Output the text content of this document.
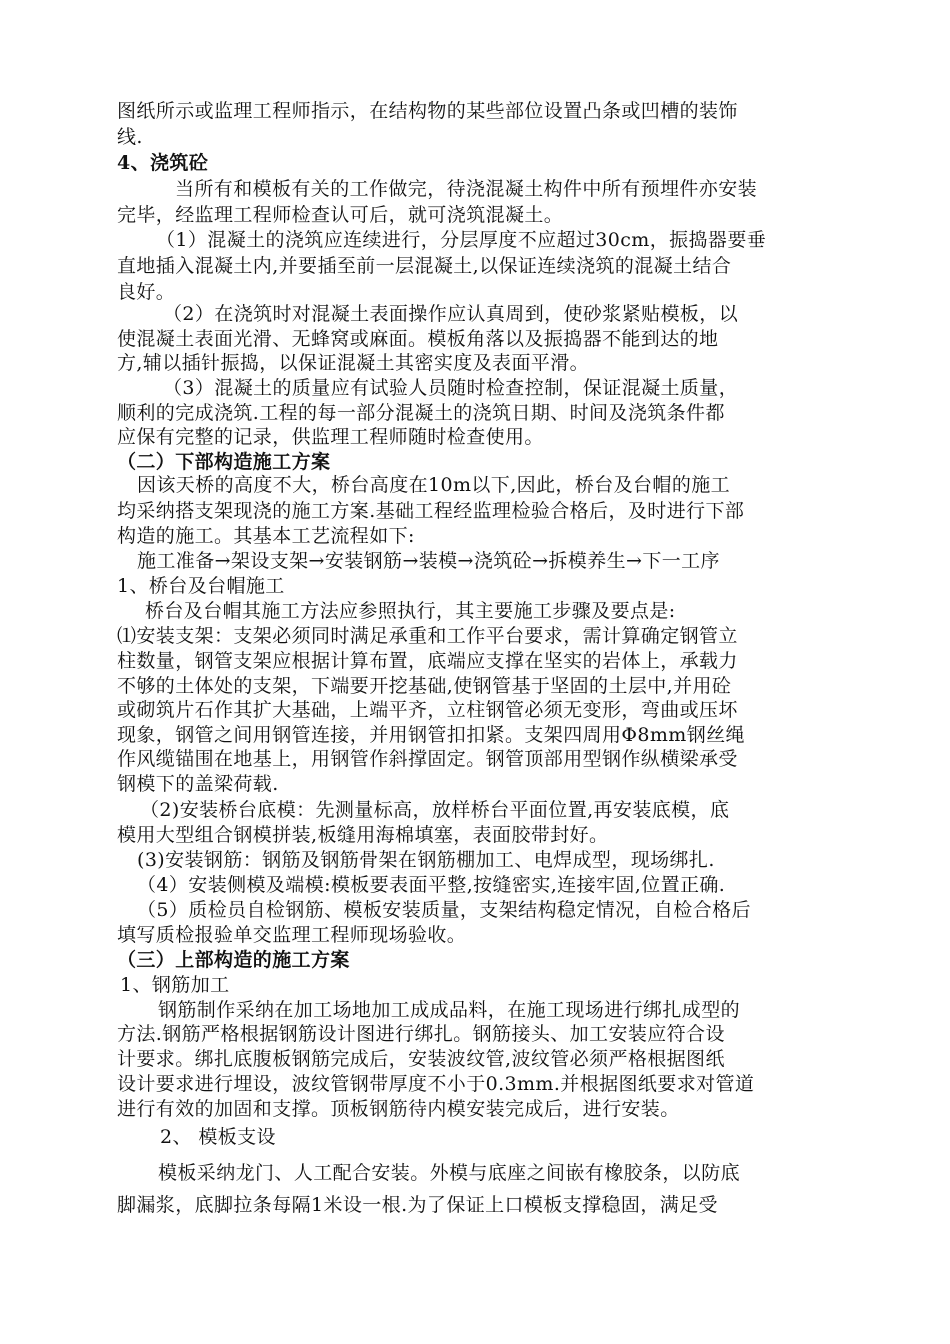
图纸所示或监理工程师指示，在结构物的某些部位设置凸条或凹槽的装饰
线.
4、浇筑砼
当所有和模板有关的工作做完，待浇混凝土构件中所有预埋件亦安装
完毕，经监理工程师检查认可后，就可浇筑混凝土。
（1）混凝土的浇筑应连续进行，分层厚度不应超过30cm，振捣器要垂
直地插入混凝土内,并要插至前一层混凝土,以保证连续浇筑的混凝土结合
良好。
（2）在浇筑时对混凝土表面操作应认真周到，使砂浆紧贴模板，以
使混凝土表面光滑、无蜂窝或麻面。模板角落以及振捣器不能到达的地
方,辅以插针振捣，以保证混凝土其密实度及表面平滑。
（3）混凝土的质量应有试验人员随时检查控制，保证混凝土质量，
顺利的完成浇筑.工程的每一部分混凝土的浇筑日期、时间及浇筑条件都
应保有完整的记录，供监理工程师随时检查使用。
（二）下部构造施工方案
因该天桥的高度不大，桥台高度在10m以下,因此，桥台及台帽的施工
均采纳搭支架现浇的施工方案.基础工程经监理检验合格后，及时进行下部
构造的施工。其基本工艺流程如下:
施工准备→架设支架→安装钢筋→装模→浇筑砼→拆模养生→下一工序
1、桥台及台帽施工
桥台及台帽其施工方法应参照执行，其主要施工步骤及要点是:
⑴安装支架：支架必须同时满足承重和工作平台要求，需计算确定钢管立
柱数量，钢管支架应根据计算布置，底端应支撑在坚实的岩体上，承载力
不够的土体处的支架，下端要开挖基础,使钢管基于坚固的土层中,并用砼
或砌筑片石作其扩大基础，上端平齐，立柱钢管必须无变形，弯曲或压坏
现象，钢管之间用钢管连接，并用钢管扣扣紧。支架四周用Φ8mm钢丝绳
作风缆锚围在地基上，用钢管作斜撑固定。钢管顶部用型钢作纵横梁承受
钢模下的盖梁荷载.
（2)安装桥台底模：先测量标高，放样桥台平面位置,再安装底模，底
模用大型组合钢模拼装,板缝用海棉填塞，表面胶带封好。
(3)安装钢筋：钢筋及钢筋骨架在钢筋棚加工、电焊成型，现场绑扎.
（4）安装侧模及端模:模板要表面平整,按缝密实,连接牢固,位置正确.
（5）质检员自检钢筋、模板安装质量，支架结构稳定情况，自检合格后
填写质检报验单交监理工程师现场验收。
（三）上部构造的施工方案
1、钢筋加工
钢筋制作采纳在加工场地加工成成品料，在施工现场进行绑扎成型的
方法.钢筋严格根据钢筋设计图进行绑扎。钢筋接头、加工安装应符合设
计要求。绑扎底腹板钢筋完成后，安装波纹管,波纹管必须严格根据图纸
设计要求进行埋设，波纹管钢带厚度不小于0.3mm.并根据图纸要求对管道
进行有效的加固和支撑。顶板钢筋待内模安装完成后，进行安装。
2、 模板支设
模板采纳龙门、人工配合安装。外模与底座之间嵌有橡胶条，以防底
脚漏浆，底脚拉条每隔1米设一根.为了保证上口模板支撑稳固，满足受
